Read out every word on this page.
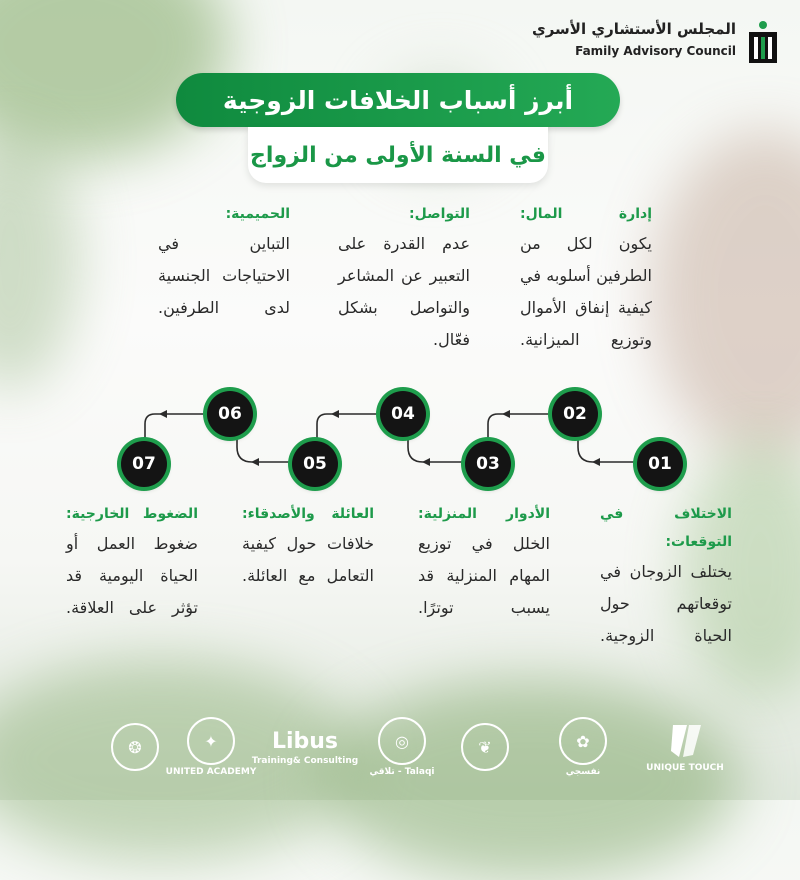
المجلس الأستشاري الأسري
Family Advisory Council
أبرز أسباب الخلافات الزوجية
في السنة الأولى من الزواج
إدارة المال:
يكون لكل من الطرفين أسلوبه في كيفية إنفاق الأموال وتوزيع الميزانية.
التواصل:
عدم القدرة على التعبير عن المشاعر والتواصل بشكل فعّال.
الحميمية:
التباين في الاحتياجات الجنسية لدى الطرفين.
01
02
03
04
05
06
07
الاختلاف في التوقعات:
يختلف الزوجان في توقعاتهم حول الحياة الزوجية.
الأدوار المنزلية:
الخلل في توزيع المهام المنزلية قد يسبب توترًا.
العائلة والأصدقاء:
خلافات حول كيفية التعامل مع العائلة.
الضغوط الخارجية:
ضغوط العمل أو الحياة اليومية قد تؤثر على العلاقة.
UNIQUE TOUCH
✿
نفسجي
❦
◎
تلاقي - Talaqi
Libus
Training& Consulting
✦
UNITED ACADEMY
❂
